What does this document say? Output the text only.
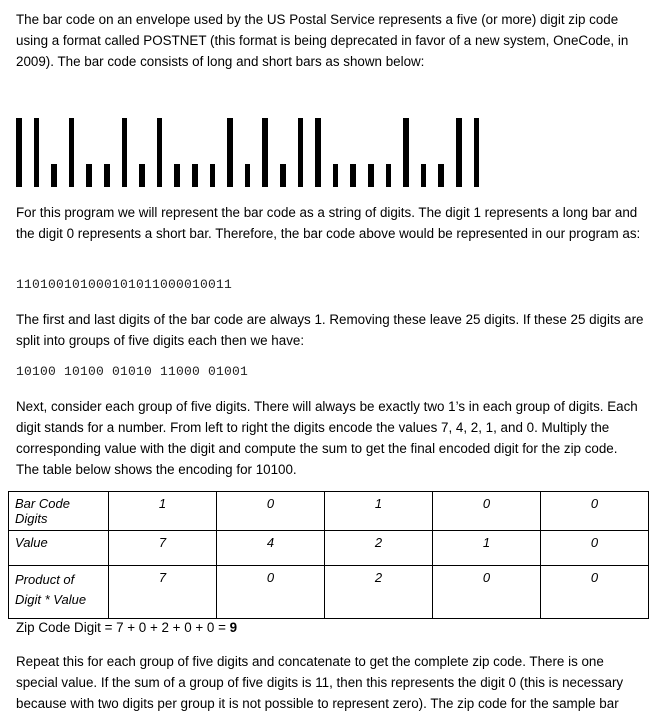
The bar code on an envelope used by the US Postal Service represents a five (or more) digit zip code using a format called POSTNET (this format is being deprecated in favor of a new system, OneCode, in 2009). The bar code consists of long and short bars as shown below:

For this program we will represent the bar code as a string of digits. The digit 1 represents a long bar and the digit 0 represents a short bar. Therefore, the bar code above would be represented in our program as:

110100101000101011000010011

The first and last digits of the bar code are always 1. Removing these leave 25 digits. If these 25 digits are split into groups of five digits each then we have:

10100 10100 01010 11000 01001

Next, consider each group of five digits. There will always be exactly two 1’s in each group of digits. Each digit stands for a number. From left to right the digits encode the values 7, 4, 2, 1, and 0. Multiply the corresponding value with the digit and compute the sum to get the final encoded digit for the zip code. The table below shows the encoding for 10100.

Bar Code Digits	1	0	1	0	0
Value	7	4	2	1	0
Product of Digit * Value	7	0	2	0	0
Zip Code Digit = 7 + 0 + 2 + 0 + 0 = 9

Repeat this for each group of five digits and concatenate to get the complete zip code. There is one special value. If the sum of a group of five digits is 11, then this represents the digit 0 (this is necessary because with two digits per group it is not possible to represent zero). The zip code for the sample bar
